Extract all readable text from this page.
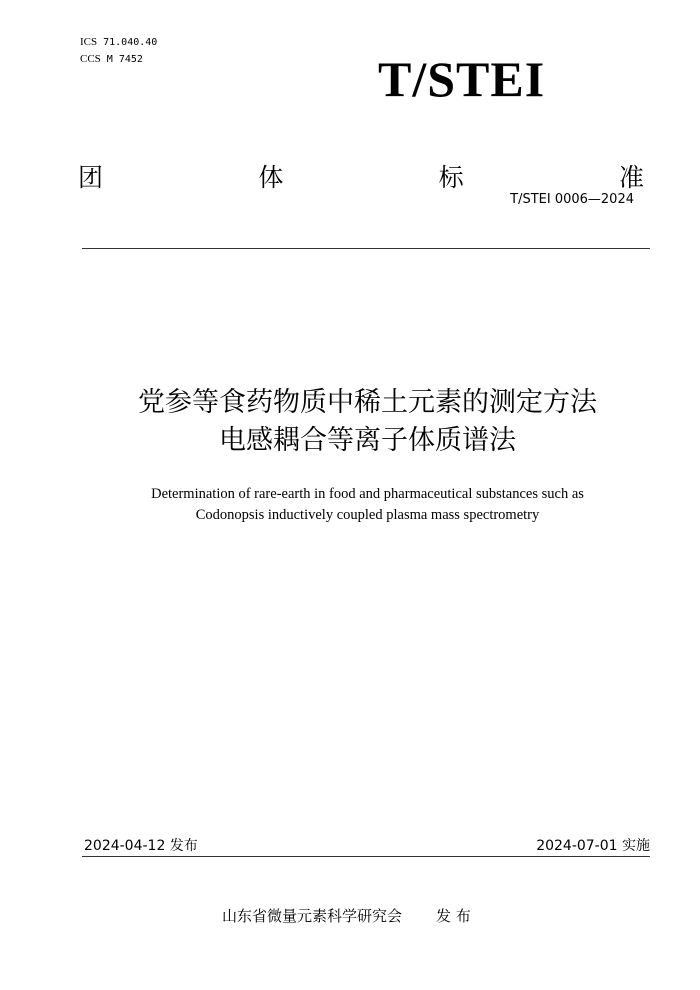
ICS 71.040.40
CCS M 7452	T/STEI
团	体	标	准
T/STEI 0006—2024
党参等食药物质中稀土元素的测定方法
电感耦合等离子体质谱法
Determination of rare-earth in food and pharmaceutical substances such as
Codonopsis inductively coupled plasma mass spectrometry
2024-04-12 发布	2024-07-01 实施
山东省微量元素科学研究会 发 布
